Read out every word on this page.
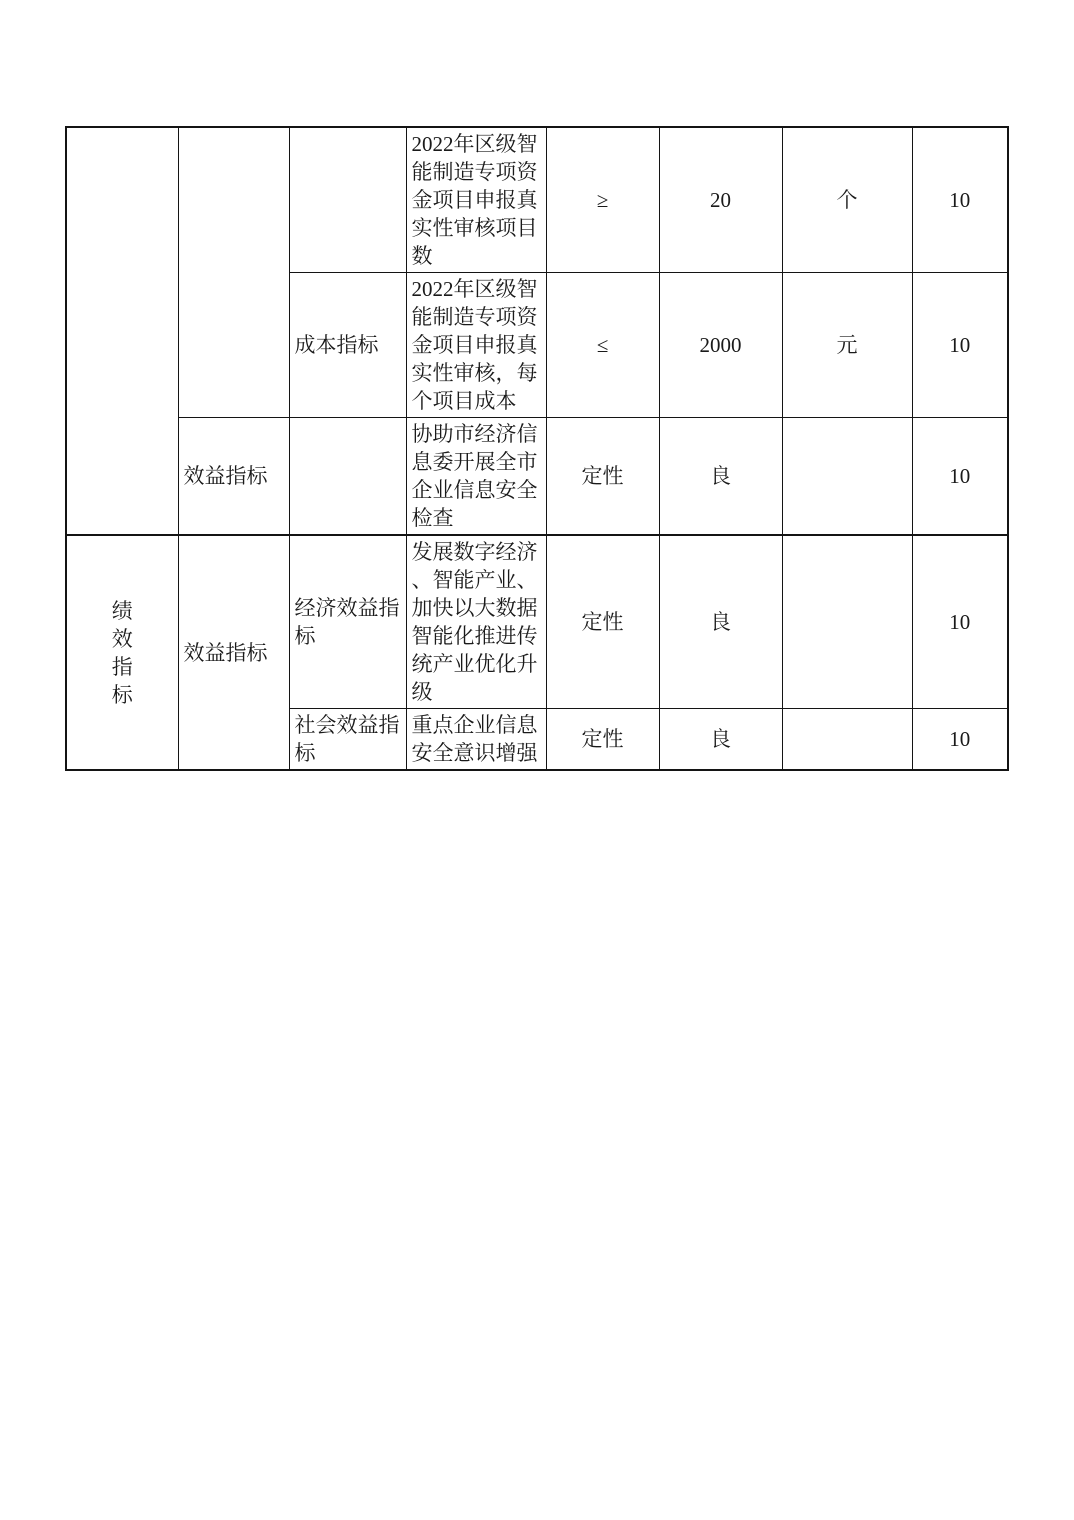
			2022年区级智能制造专项资金项目申报真实性审核项目数	≥	20	个	10
		成本指标	2022年区级智能制造专项资金项目申报真实性审核，每个项目成本	≤	2000	元	10
	效益指标		协助市经济信息委开展全市企业信息安全检查	定性	良		10

绩效指标	效益指标	经济效益指标	发展数字经济、智能产业、加快以大数据智能化推进传统产业优化升级	定性	良		10
		社会效益指标	重点企业信息安全意识增强	定性	良		10
